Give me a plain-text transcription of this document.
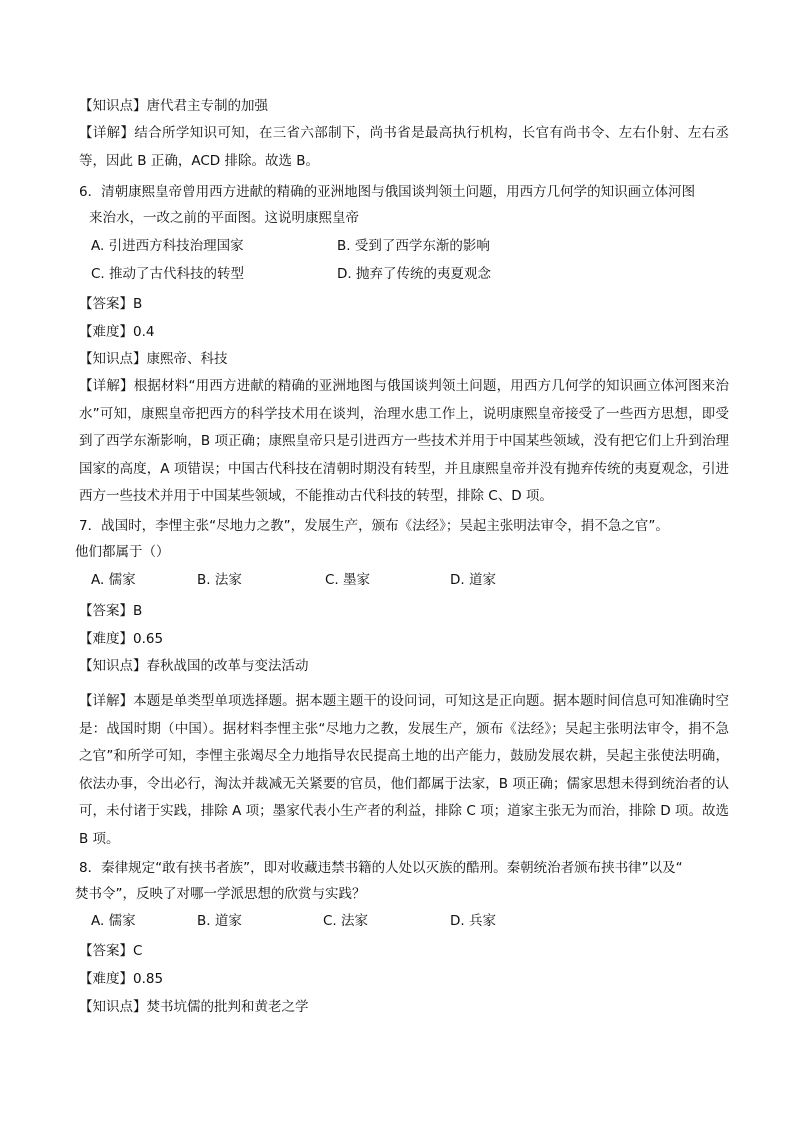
【知识点】唐代君主专制的加强
【详解】结合所学知识可知，在三省六部制下，尚书省是最高执行机构，长官有尚书令、左右仆射、左右丞等，因此 B 正确，ACD 排除。故选 B。
6．清朝康熙皇帝曾用西方进献的精确的亚洲地图与俄国谈判领土问题，用西方几何学的知识画立体河图
来治水，一改之前的平面图。这说明康熙皇帝
A. 引进西方科技治理国家	B. 受到了西学东渐的影响
C. 推动了古代科技的转型	D. 抛弃了传统的夷夏观念
【答案】B
【难度】0.4
【知识点】康熙帝、科技
【详解】根据材料“用西方进献的精确的亚洲地图与俄国谈判领土问题，用西方几何学的知识画立体河图来治水”可知，康熙皇帝把西方的科学技术用在谈判，治理水患工作上，说明康熙皇帝接受了一些西方思想，即受到了西学东渐影响，B 项正确；康熙皇帝只是引进西方一些技术并用于中国某些领域，没有把它们上升到治理国家的高度，A 项错误；中国古代科技在清朝时期没有转型，并且康熙皇帝并没有抛弃传统的夷夏观念，引进西方一些技术并用于中国某些领域，不能推动古代科技的转型，排除 C、D 项。
7．战国时，李悝主张“尽地力之教”，发展生产，颁布《法经》；吴起主张明法审令，捐不急之官”。
他们都属于（）
A. 儒家	B. 法家	C. 墨家	D. 道家
【答案】B
【难度】0.65
【知识点】春秋战国的改革与变法活动
【详解】本题是单类型单项选择题。据本题主题干的设问词，可知这是正向题。据本题时间信息可知准确时空是：战国时期（中国）。据材料李悝主张“尽地力之教，发展生产，颁布《法经》；吴起主张明法审令，捐不急之官”和所学可知，李悝主张竭尽全力地指导农民提高土地的出产能力，鼓励发展农耕，吴起主张使法明确，依法办事，令出必行，淘汰并裁减无关紧要的官员，他们都属于法家，B 项正确；儒家思想未得到统治者的认可，未付诸于实践，排除 A 项；墨家代表小生产者的利益，排除 C 项；道家主张无为而治，排除 D 项。故选 B 项。
8．秦律规定“敢有挟书者族”，即对收藏违禁书籍的人处以灭族的酷刑。秦朝统治者颁布挟书律”以及“
焚书令”，反映了对哪一学派思想的欣赏与实践？
A. 儒家	B. 道家	C. 法家	D. 兵家
【答案】C
【难度】0.85
【知识点】焚书坑儒的批判和黄老之学
